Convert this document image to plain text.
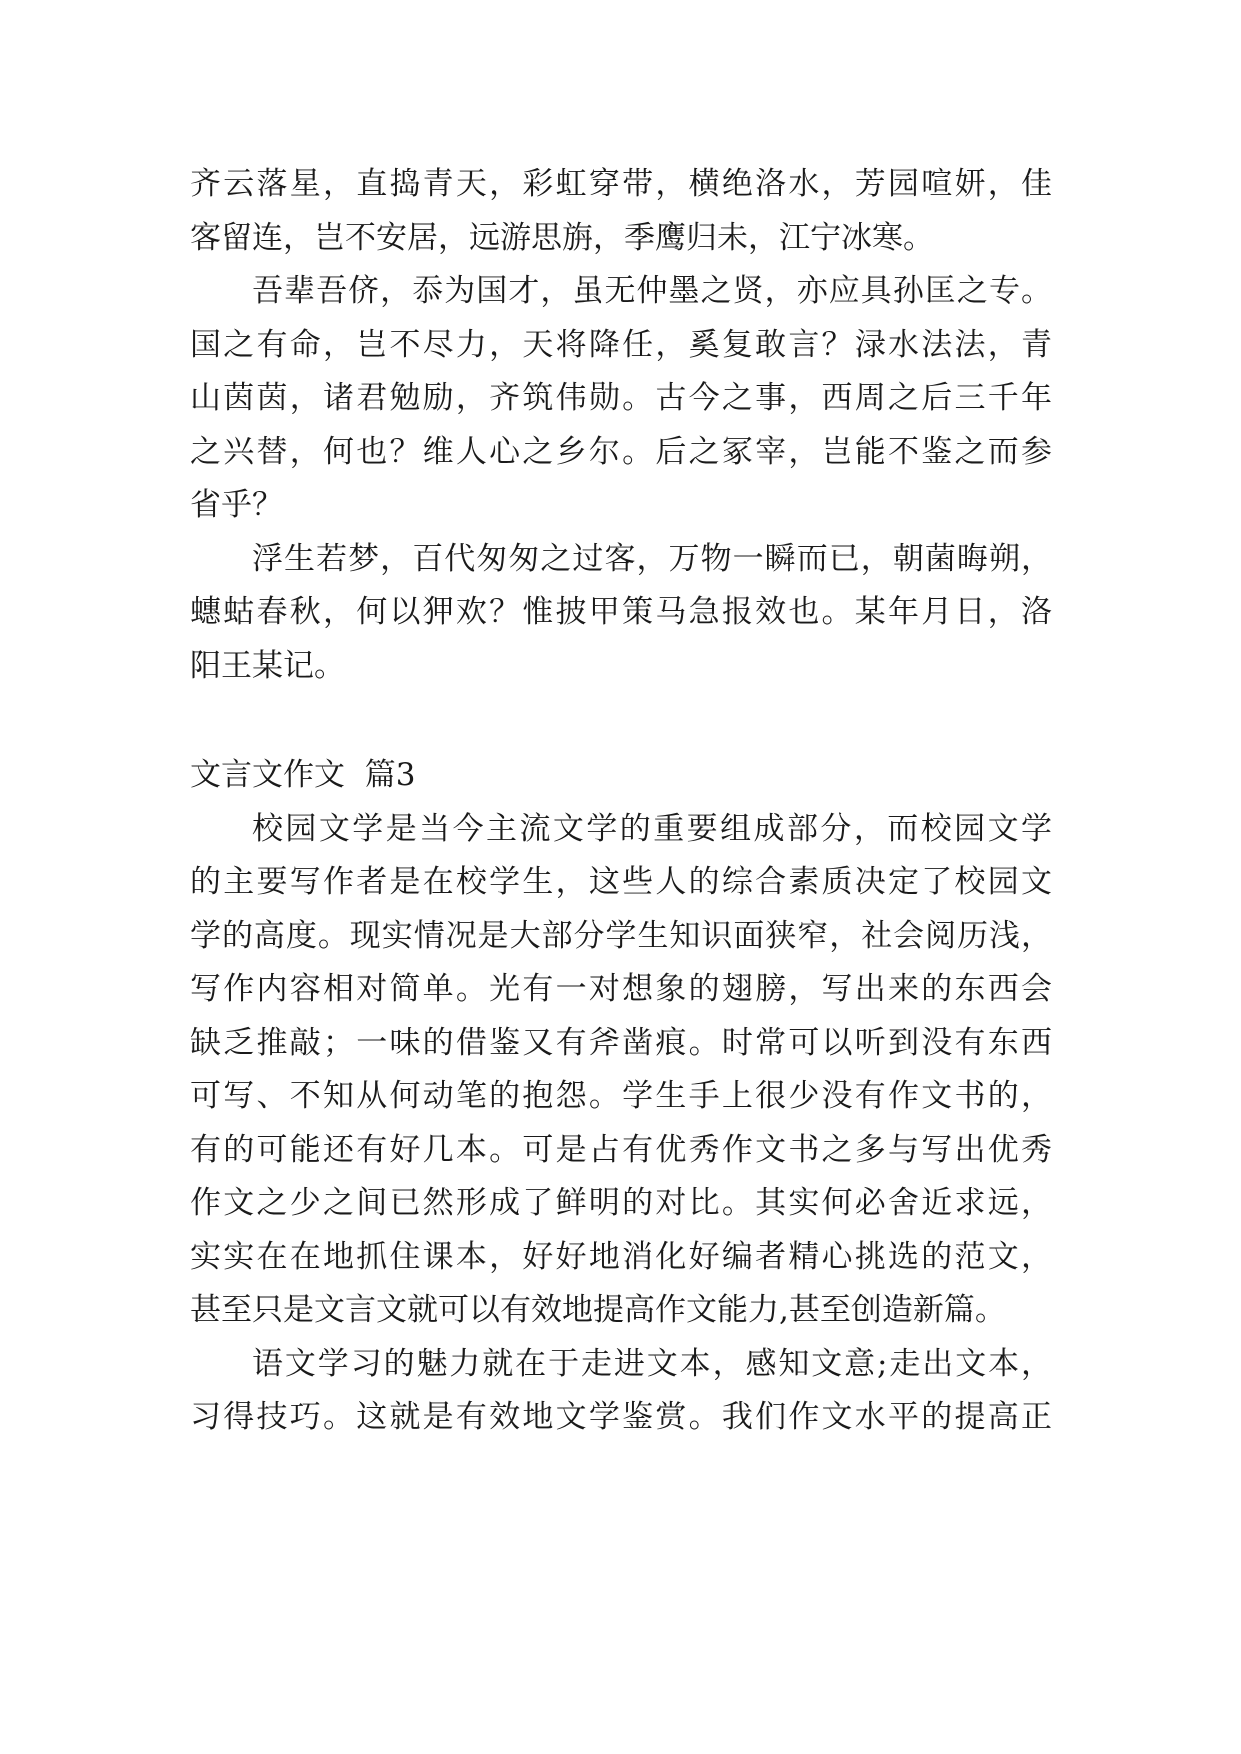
齐云落星，直捣青天，彩虹穿带，横绝洛水，芳园喧妍，佳
客留连，岂不安居，远游思旃，季鹰归未，江宁冰寒。
吾辈吾侪，忝为国才，虽无仲墨之贤，亦应具孙匡之专。
国之有命，岂不尽力，天将降任，奚复敢言？渌水法法，青
山茵茵，诸君勉励，齐筑伟勋。古今之事，西周之后三千年
之兴替，何也？维人心之乡尔。后之冢宰，岂能不鉴之而参
省乎？
浮生若梦，百代匆匆之过客，万物一瞬而已，朝菌晦朔，
蟪蛄春秋，何以狎欢？惟披甲策马急报效也。某年月日，洛
阳王某记。
文言文作文  篇3
校园文学是当今主流文学的重要组成部分，而校园文学
的主要写作者是在校学生，这些人的综合素质决定了校园文
学的高度。现实情况是大部分学生知识面狭窄，社会阅历浅，
写作内容相对简单。光有一对想象的翅膀，写出来的东西会
缺乏推敲；一味的借鉴又有斧凿痕。时常可以听到没有东西
可写、不知从何动笔的抱怨。学生手上很少没有作文书的，
有的可能还有好几本。可是占有优秀作文书之多与写出优秀
作文之少之间已然形成了鲜明的对比。其实何必舍近求远，
实实在在地抓住课本，好好地消化好编者精心挑选的范文，
甚至只是文言文就可以有效地提高作文能力,甚至创造新篇。
语文学习的魅力就在于走进文本，感知文意;走出文本，
习得技巧。这就是有效地文学鉴赏。我们作文水平的提高正
